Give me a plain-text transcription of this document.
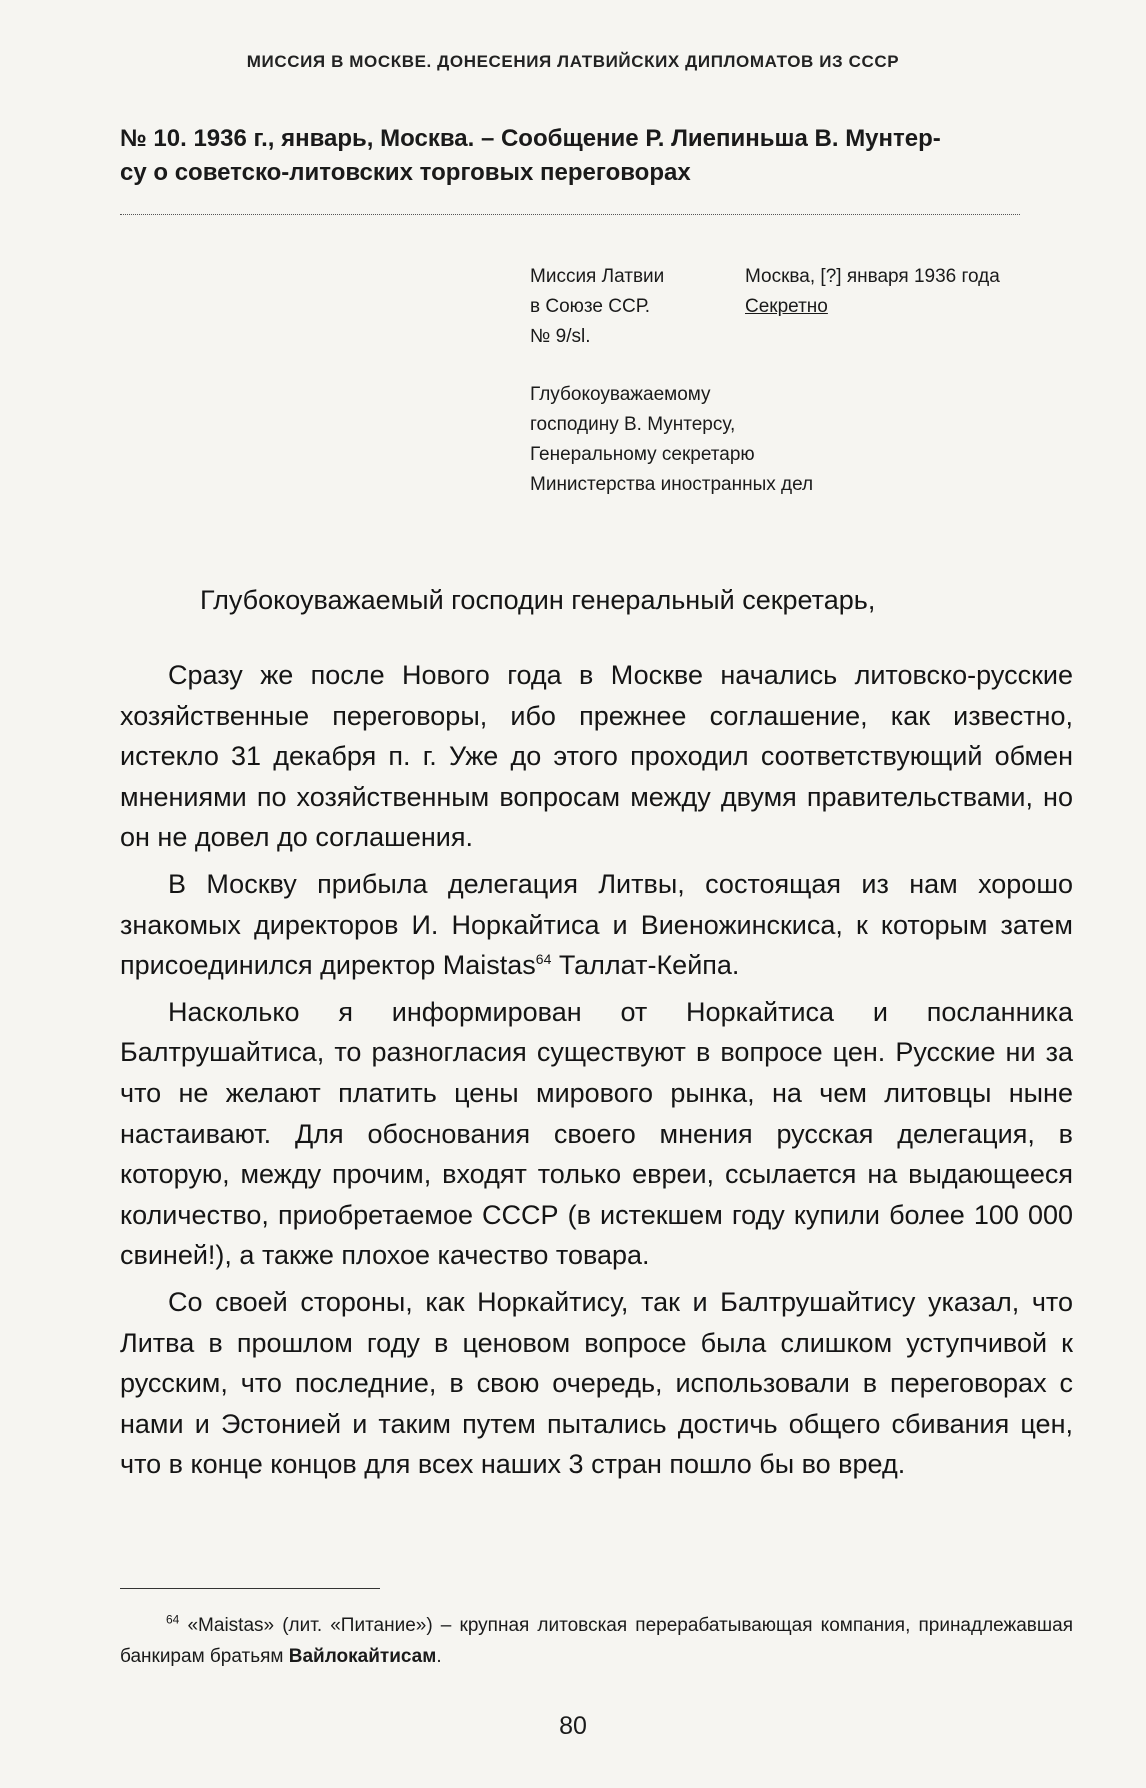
МИССИЯ В МОСКВЕ. ДОНЕСЕНИЯ ЛАТВИЙСКИХ ДИПЛОМАТОВ ИЗ СССР
№ 10. 1936 г., январь, Москва. – Сообщение Р. Лиепиньша В. Мунтер-
су о советско-литовских торговых переговорах
Миссия Латвии	Москва, [?] января 1936 года
в Союзе ССР.	Секретно
№ 9/sl.
Глубокоуважаемому
господину В. Мунтерсу,
Генеральному секретарю
Министерства иностранных дел
Глубокоуважаемый господин генеральный секретарь,

Сразу же после Нового года в Москве начались литовско-русские хозяйственные переговоры, ибо прежнее соглашение, как известно, истекло 31 декабря п. г. Уже до этого проходил соответствующий обмен мнениями по хозяйственным вопросам между двумя правительствами, но он не довел до соглашения.

В Москву прибыла делегация Литвы, состоящая из нам хорошо знакомых директоров И. Норкайтиса и Виеножинскиса, к которым затем присоединился директор Maistas$^{64}$ Таллат-Кейпа.

Насколько я информирован от Норкайтиса и посланника Балтрушайтиса, то разногласия существуют в вопросе цен. Русские ни за что не желают платить цены мирового рынка, на чем литовцы ныне настаивают. Для обоснования своего мнения русская делегация, в которую, между прочим, входят только евреи, ссылается на выдающееся количество, приобретаемое СССР (в истекшем году купили более 100 000 свиней!), а также плохое качество товара.

Со своей стороны, как Норкайтису, так и Балтрушайтису указал, что Литва в прошлом году в ценовом вопросе была слишком уступчивой к русским, что последние, в свою очередь, использовали в переговорах с нами и Эстонией и таким путем пытались достичь общего сбивания цен, что в конце концов для всех наших 3 стран пошло бы во вред.

$^{64}$ «Maistas» (лит. «Питание») – крупная литовская перерабатывающая компания, принадлежавшая банкирам братьям Вайлокайтисам.
80
